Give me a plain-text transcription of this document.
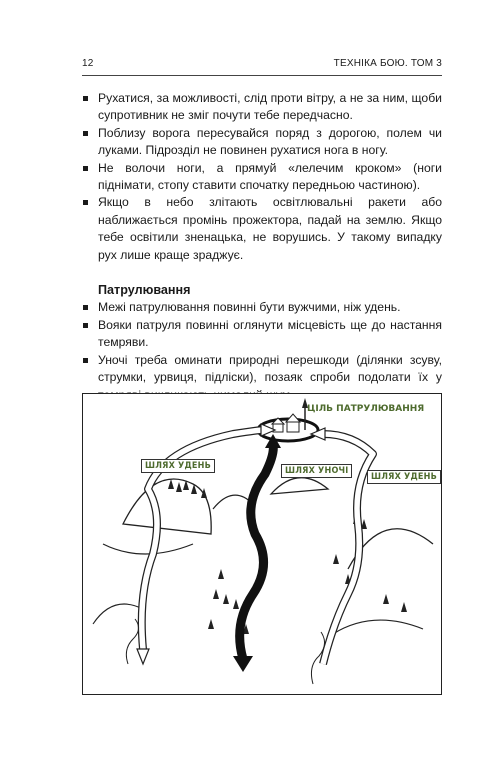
12	ТЕХНІКА БОЮ. ТОМ 3
Рухатися, за можливості, слід проти вітру, а не за ним, щоби супротивник не зміг почути тебе передчасно.
Поблизу ворога пересувайся поряд з дорогою, полем чи луками. Підрозділ не повинен рухатися нога в ногу.
Не волочи ноги, а прямуй «лелечим кроком» (ноги піднімати, стопу ставити спочатку передньою частиною).
Якщо в небо злітають освітлювальні ракети або наближається промінь прожектора, падай на землю. Якщо тебе освітили зненацька, не ворушись. У такому випадку рух лише краще зраджує.
Патрулювання
Межі патрулювання повинні бути вужчими, ніж удень.
Вояки патруля повинні оглянути місцевість ще до настання темряви.
Уночі треба оминати природні перешкоди (ділянки зсуву, струмки, урвиця, підліски), позаяк спроби подолати їх у
ЦІЛЬ ПАТРУЛЮВАННЯ
ШЛЯХ УДЕНЬ	ШЛЯХ УНОЧІ
ШЛЯХ УДЕНЬ
